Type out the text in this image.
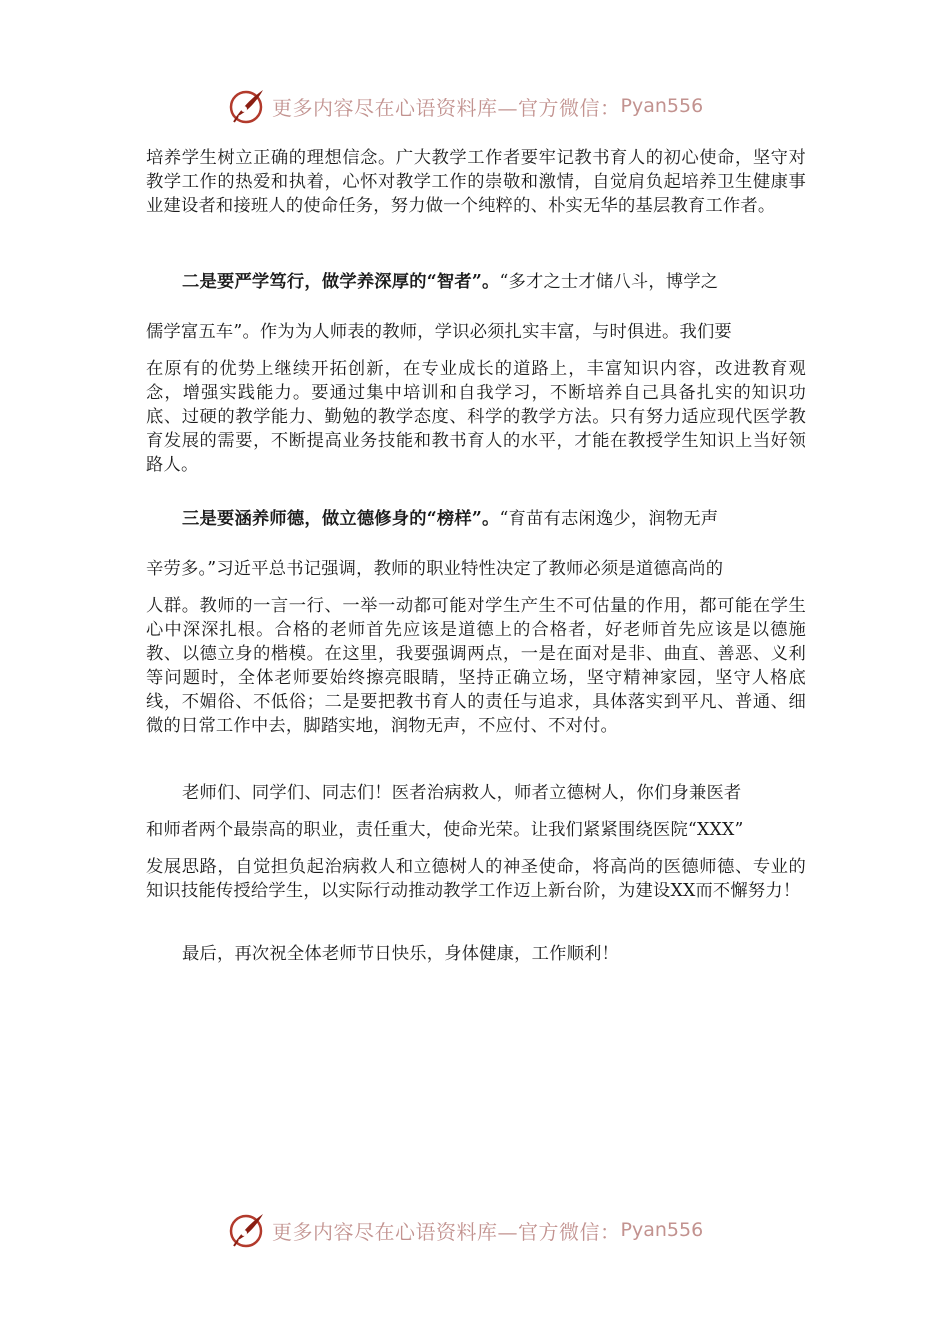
更多内容尽在心语资料库—官方微信： Pyan556

培养学生树立正确的理想信念。广大教学工作者要牢记教书育人的初心使命，坚守对教学工作的热爱和执着，心怀对教学工作的崇敬和激情，自觉肩负起培养卫生健康事业建设者和接班人的使命任务，努力做一个纯粹的、朴实无华的基层教育工作者。

二是要严学笃行，做学养深厚的“智者”。“多才之士才储八斗，博学之

儒学富五车”。作为为人师表的教师，学识必须扎实丰富，与时俱进。我们要

在原有的优势上继续开拓创新，在专业成长的道路上，丰富知识内容，改进教育观念，增强实践能力。要通过集中培训和自我学习，不断培养自己具备扎实的知识功底、过硬的教学能力、勤勉的教学态度、科学的教学方法。只有努力适应现代医学教育发展的需要，不断提高业务技能和教书育人的水平，才能在教授学生知识上当好领路人。

三是要涵养师德，做立德修身的“榜样”。“育苗有志闲逸少，润物无声

辛劳多。”习近平总书记强调，教师的职业特性决定了教师必须是道德高尚的

人群。教师的一言一行、一举一动都可能对学生产生不可估量的作用，都可能在学生心中深深扎根。合格的老师首先应该是道德上的合格者，好老师首先应该是以德施教、以德立身的楷模。在这里，我要强调两点，一是在面对是非、曲直、善恶、义利等问题时，全体老师要始终擦亮眼睛，坚持正确立场，坚守精神家园，坚守人格底线，不媚俗、不低俗；二是要把教书育人的责任与追求，具体落实到平凡、普通、细微的日常工作中去，脚踏实地，润物无声，不应付、不对付。

老师们、同学们、同志们！医者治病救人，师者立德树人，你们身兼医者

和师者两个最崇高的职业，责任重大，使命光荣。让我们紧紧围绕医院“XXX”

发展思路，自觉担负起治病救人和立德树人的神圣使命，将高尚的医德师德、专业的知识技能传授给学生，以实际行动推动教学工作迈上新台阶，为建设XX而不懈努力！

最后，再次祝全体老师节日快乐，身体健康，工作顺利！

更多内容尽在心语资料库—官方微信： Pyan556
